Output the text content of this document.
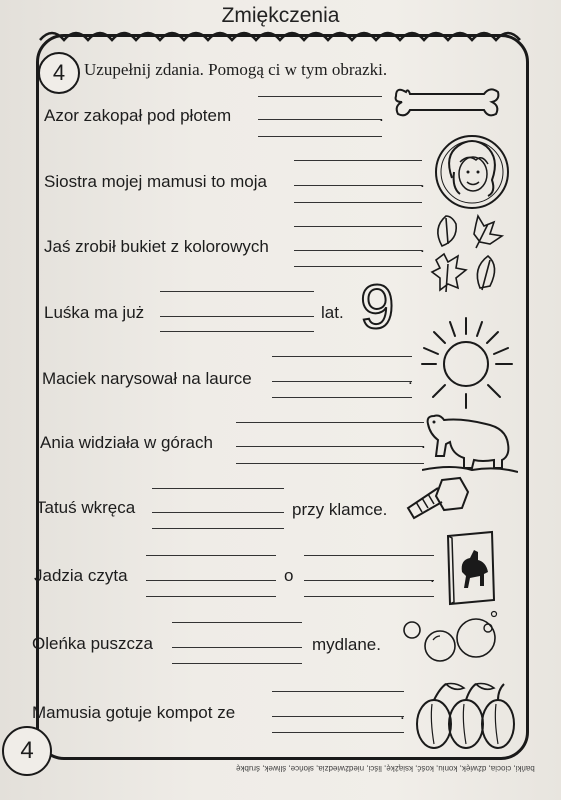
Zmiękczenia
4	Uzupełnij zdania. Pomogą ci w tym obrazki.
Azor zakopał pod płotem	.
Siostra mojej mamusi to moja	.
Jaś zrobił bukiet z kolorowych	.
Luśka ma już	lat. 9
Maciek narysował na laurce	.
Ania widziała w górach	.
Tatuś wkręca	przy klamce.
Jadzia czyta	o	.
Oleńka puszcza	mydlane.
Mamusia gotuje kompot ze	.
4
bańki, ciocia, dźwięk, koniu, kość, książkę, liści, niedźwiedzia, słońce, śliwek, śrubkę
